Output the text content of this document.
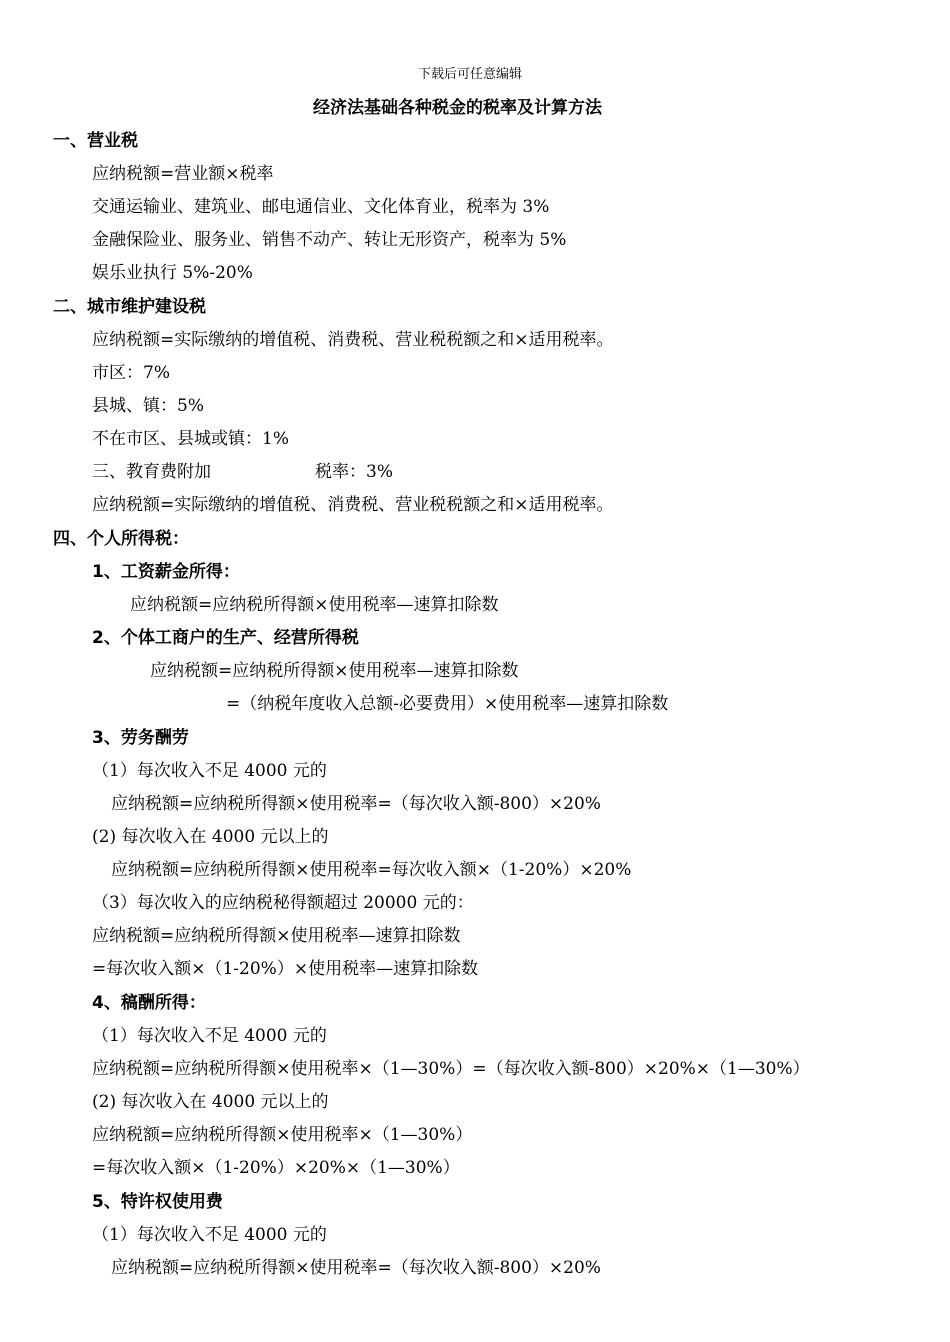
下载后可任意编辑
经济法基础各种税金的税率及计算方法
一、营业税
应纳税额=营业额×税率
交通运输业、建筑业、邮电通信业、文化体育业，税率为 3%
金融保险业、服务业、销售不动产、转让无形资产，税率为 5%
娱乐业执行 5%-20%
二、城市维护建设税
应纳税额=实际缴纳的增值税、消费税、营业税税额之和×适用税率。
市区：7%
县城、镇：5%
不在市区、县城或镇：1%
三、教育费附加	税率：3%
应纳税额=实际缴纳的增值税、消费税、营业税税额之和×适用税率。
四、个人所得税：
1、工资薪金所得：
应纳税额=应纳税所得额×使用税率—速算扣除数
2、个体工商户的生产、经营所得税
应纳税额=应纳税所得额×使用税率—速算扣除数
=（纳税年度收入总额-必要费用）×使用税率—速算扣除数
3、劳务酬劳
（1）每次收入不足 4000 元的
应纳税额=应纳税所得额×使用税率=（每次收入额-800）×20%
(2) 每次收入在 4000 元以上的
应纳税额=应纳税所得额×使用税率=每次收入额×（1-20%）×20%
（3）每次收入的应纳税秘得额超过 20000 元的：
应纳税额=应纳税所得额×使用税率—速算扣除数
=每次收入额×（1-20%）×使用税率—速算扣除数
4、稿酬所得：
（1）每次收入不足 4000 元的
应纳税额=应纳税所得额×使用税率×（1—30%）=（每次收入额-800）×20%×（1—30%）
(2) 每次收入在 4000 元以上的
应纳税额=应纳税所得额×使用税率×（1—30%）
=每次收入额×（1-20%）×20%×（1—30%）
5、特许权使用费
（1）每次收入不足 4000 元的
应纳税额=应纳税所得额×使用税率=（每次收入额-800）×20%
